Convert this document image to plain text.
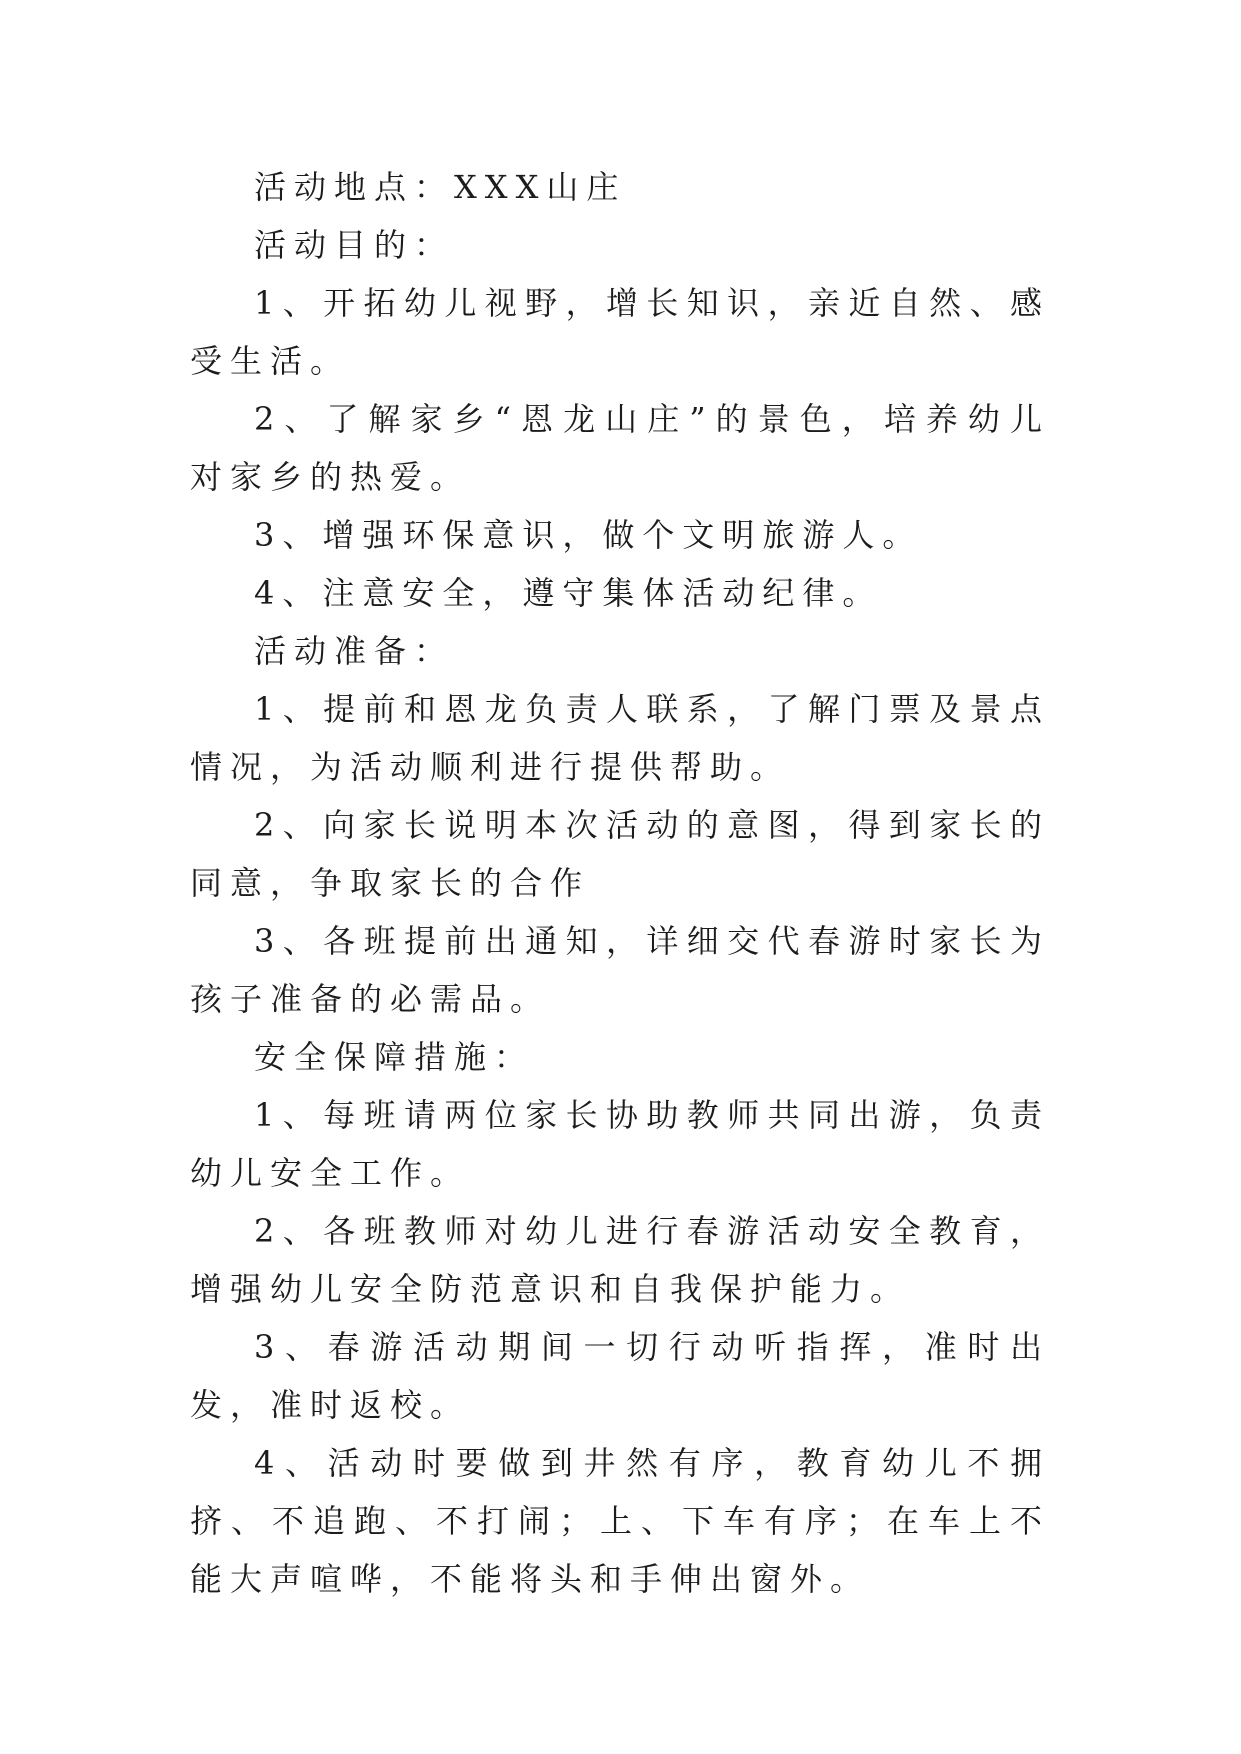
活动地点：XXX山庄

活动目的：

1、开拓幼儿视野，增长知识，亲近自然、感受生活。

2、了解家乡“恩龙山庄”的景色，培养幼儿对家乡的热爱。

3、增强环保意识，做个文明旅游人。

4、注意安全，遵守集体活动纪律。

活动准备：

1、提前和恩龙负责人联系，了解门票及景点情况，为活动顺利进行提供帮助。

2、向家长说明本次活动的意图，得到家长的同意，争取家长的合作

3、各班提前出通知，详细交代春游时家长为孩子准备的必需品。

安全保障措施：

1、每班请两位家长协助教师共同出游，负责幼儿安全工作。

2、各班教师对幼儿进行春游活动安全教育，增强幼儿安全防范意识和自我保护能力。

3、春游活动期间一切行动听指挥，准时出发，准时返校。

4、活动时要做到井然有序，教育幼儿不拥挤、不追跑、不打闹；上、下车有序；在车上不能大声喧哗，不能将头和手伸出窗外。
